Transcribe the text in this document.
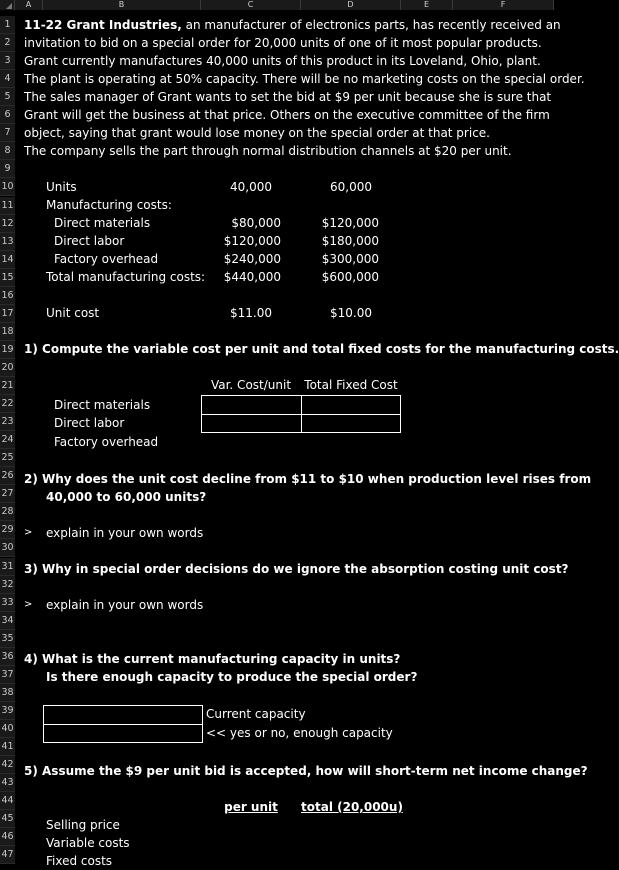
A	B	C	D	E	F
1
2
3
4
5
6
7
8
9
10
11
12
13
14
15
16
17
18
19
20
21
22
23
24
25
26
27
28
29
30
31
32
33
34
35
36
37
38
39
40
41
42
43
44
45
46
47
11-22 Grant Industries, an manufacturer of electronics parts, has recently received an
invitation to bid on a special order for 20,000 units of one of it most popular products.
Grant currently manufactures 40,000 units of this product in its Loveland, Ohio, plant.
The plant is operating at 50% capacity. There will be no marketing costs on the special order.
The sales manager of Grant wants to set the bid at $9 per unit because she is sure that
Grant will get the business at that price. Others on the executive committee of the firm
object, saying that grant would lose money on the special order at that price.
The company sells the part through normal distribution channels at $20 per unit.
Units	40,000	60,000
Manufacturing costs:
Direct materials	$80,000	$120,000
Direct labor	$120,000	$180,000
Factory overhead	$240,000	$300,000
Total manufacturing costs:	$440,000	$600,000
Unit cost	$11.00	$10.00
1) Compute the variable cost per unit and total fixed costs for the manufacturing costs.
Var. Cost/unit	Total Fixed Cost
Direct materials
Direct labor
Factory overhead
2) Why does the unit cost decline from $11 to $10 when production level rises from
40,000 to 60,000 units?
> explain in your own words
3) Why in special order decisions do we ignore the absorption costing unit cost?
> explain in your own words
4) What is the current manufacturing capacity in units?
Is there enough capacity to produce the special order?
Current capacity
<< yes or no, enough capacity
5) Assume the $9 per unit bid is accepted, how will short-term net income change?
per unit	total (20,000u)
Selling price
Variable costs
Fixed costs
